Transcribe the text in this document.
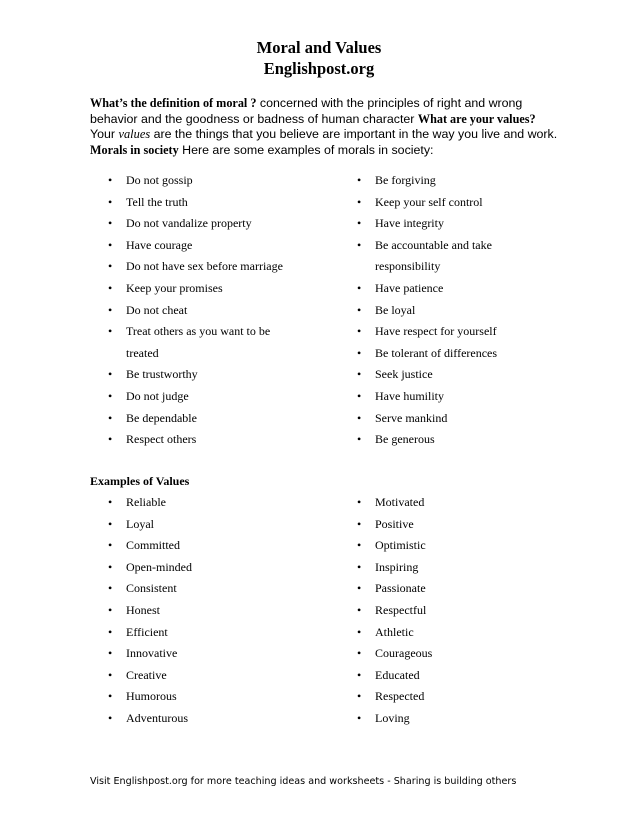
Moral and Values
Englishpost.org
What’s the definition of moral ? concerned with the principles of right and wrong behavior and the goodness or badness of human character What are your values? Your values are the things that you believe are important in the way you live and work. Morals in society Here are some examples of morals in society:
• Do not gossip
• Tell the truth
• Do not vandalize property
• Have courage
• Do not have sex before marriage
• Keep your promises
• Do not cheat
• Treat others as you want to be treated
• Be trustworthy
• Do not judge
• Be dependable
• Respect others
• Be forgiving
• Keep your self control
• Have integrity
• Be accountable and take responsibility
• Have patience
• Be loyal
• Have respect for yourself
• Be tolerant of differences
• Seek justice
• Have humility
• Serve mankind
• Be generous
Examples of Values
• Reliable
• Loyal
• Committed
• Open-minded
• Consistent
• Honest
• Efficient
• Innovative
• Creative
• Humorous
• Adventurous
• Motivated
• Positive
• Optimistic
• Inspiring
• Passionate
• Respectful
• Athletic
• Courageous
• Educated
• Respected
• Loving
Visit Englishpost.org for more teaching ideas and worksheets - Sharing is building others
